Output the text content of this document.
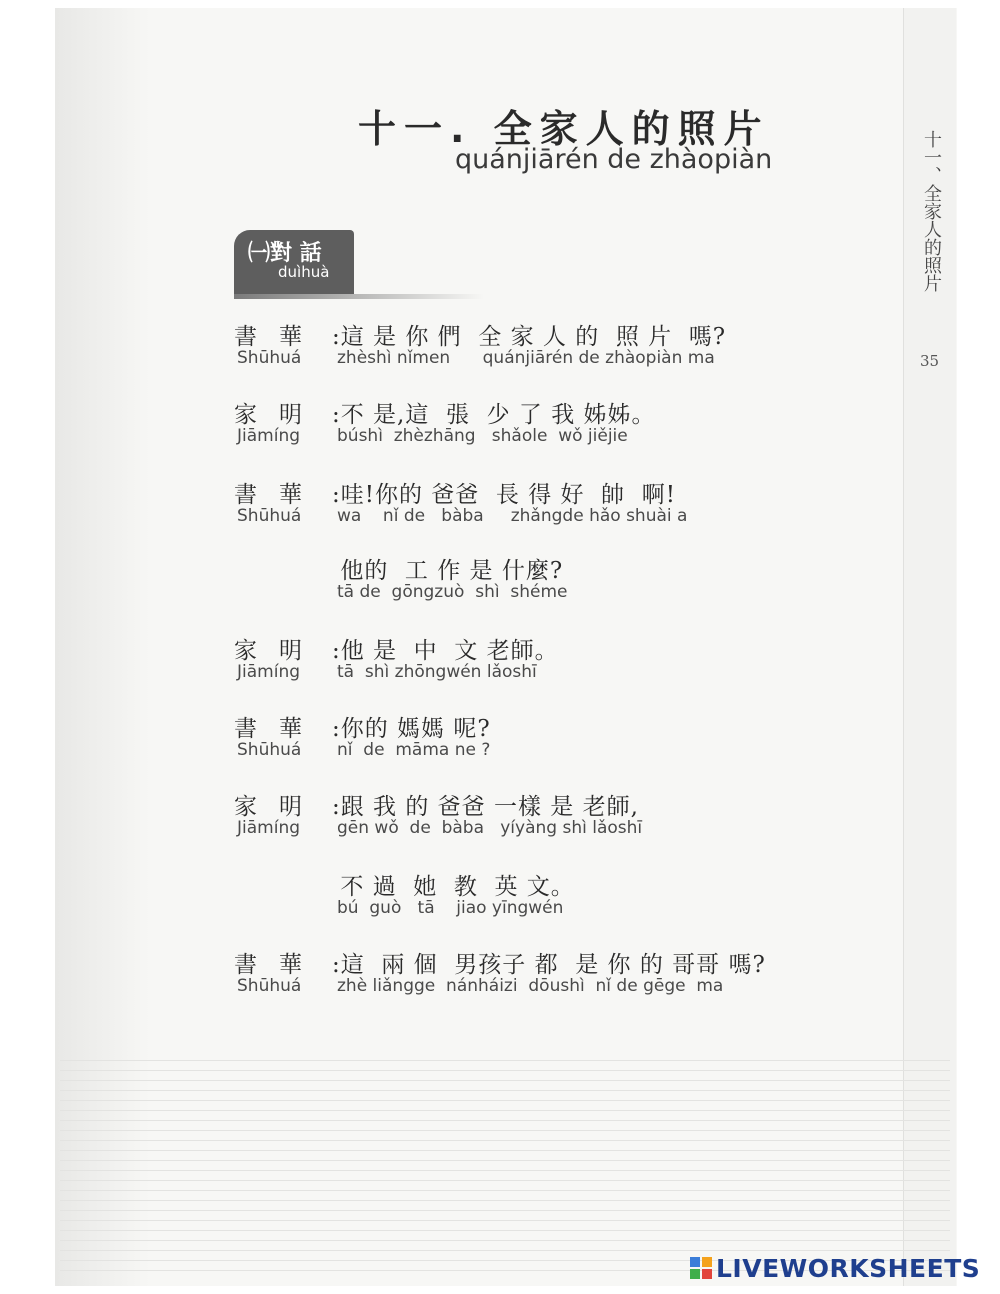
十一. 全家人的照片
quánjiārén de zhàopiàn
㈠對 話
duìhuà	十一、全家人的照片
35
書華 :這 是 你 們  全 家 人 的  照 片  嗎?
Shūhuá zhèshì nǐmen      quánjiārén de zhàopiàn ma
家明 :不 是,這  張  少 了 我 姊姊。
Jiāmíng búshì  zhèzhāng   shǎole  wǒ jiějie
書華 :哇!你的 爸爸  長 得 好  帥  啊!
Shūhuá wa    nǐ de   bàba     zhǎngde hǎo shuài a
他的  工 作 是 什麼?
tā de  gōngzuò  shì  shéme
家明 :他 是  中  文 老師。
Jiāmíng tā  shì zhōngwén lǎoshī
書華 :你的 媽媽 呢?
Shūhuá nǐ  de  māma ne ?
家明 :跟 我 的 爸爸 一樣 是 老師,
Jiāmíng gēn wǒ  de  bàba   yíyàng shì lǎoshī
不 過  她  教  英 文。
bú  guò   tā    jiao yīngwén
書華 :這  兩 個  男孩子 都  是 你 的 哥哥 嗎?
Shūhuá zhè liǎngge  nánháizi  dōushì  nǐ de gēge  ma
LIVEWORKSHEETS
